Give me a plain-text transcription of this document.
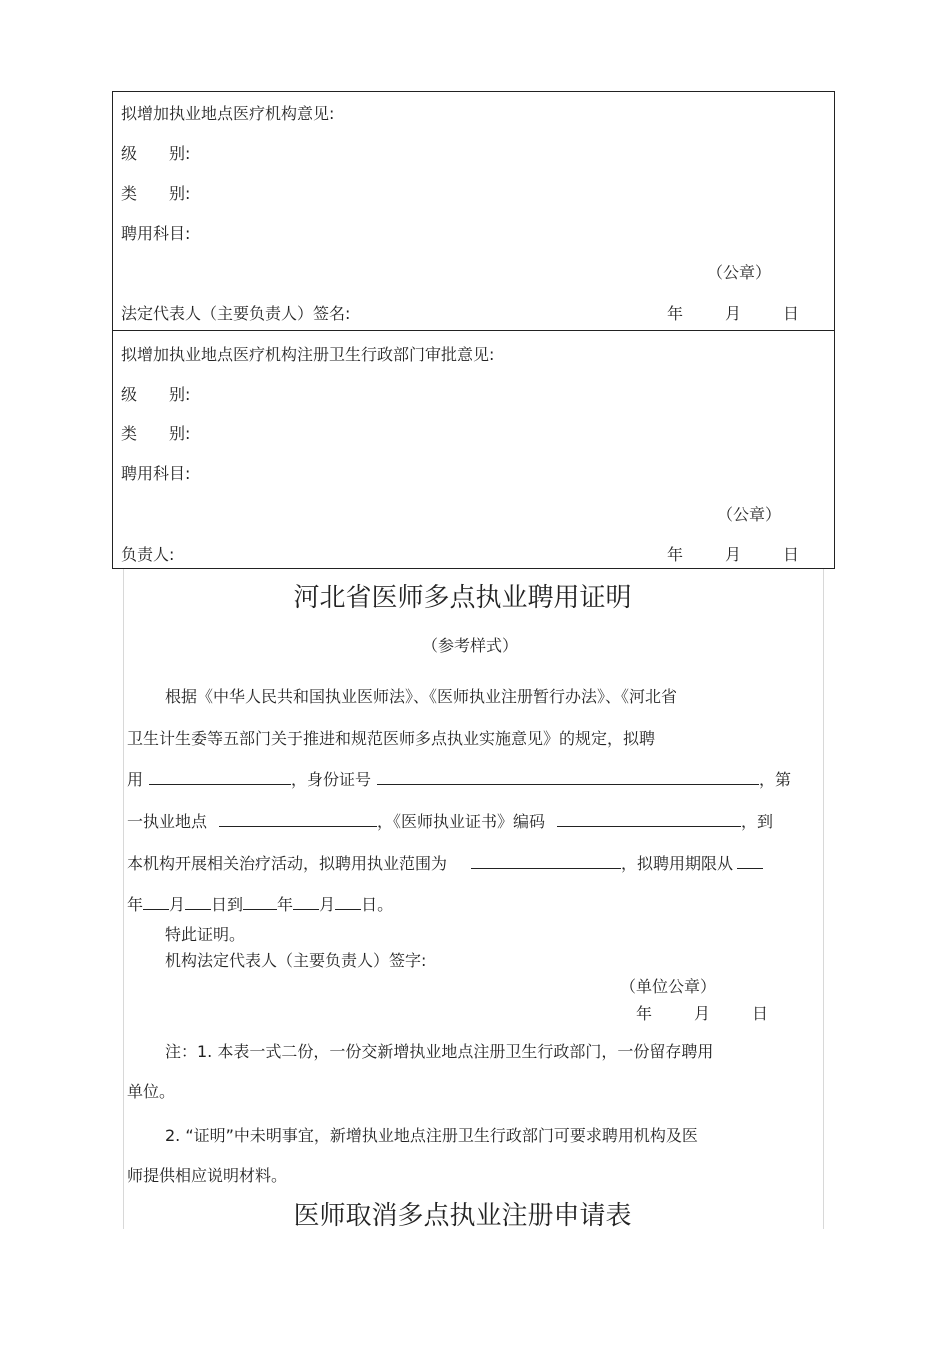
拟增加执业地点医疗机构意见:
级　　别:
类　　别:
聘用科目:
（公章）
法定代表人（主要负责人）签名:	年	月	日
拟增加执业地点医疗机构注册卫生行政部门审批意见:
级　　别:
类　　别:
聘用科目:
（公章）
负责人:	年	月	日
河北省医师多点执业聘用证明
（参考样式）
根据《中华人民共和国执业医师法》、《医师执业注册暂行办法》、《河北省
卫生计生委等五部门关于推进和规范医师多点执业实施意见》的规定，拟聘
用	，身份证号	，第
一执业地点	，《医师执业证书》编码	，到
本机构开展相关治疗活动，拟聘用执业范围为	，拟聘用期限从
年 月 日到 年 月 日。
特此证明。
机构法定代表人（主要负责人）签字:
（单位公章）
年	月	日
注：1. 本表一式二份，一份交新增执业地点注册卫生行政部门，一份留存聘用
单位。
2. “证明”中未明事宜，新增执业地点注册卫生行政部门可要求聘用机构及医
师提供相应说明材料。
医师取消多点执业注册申请表
